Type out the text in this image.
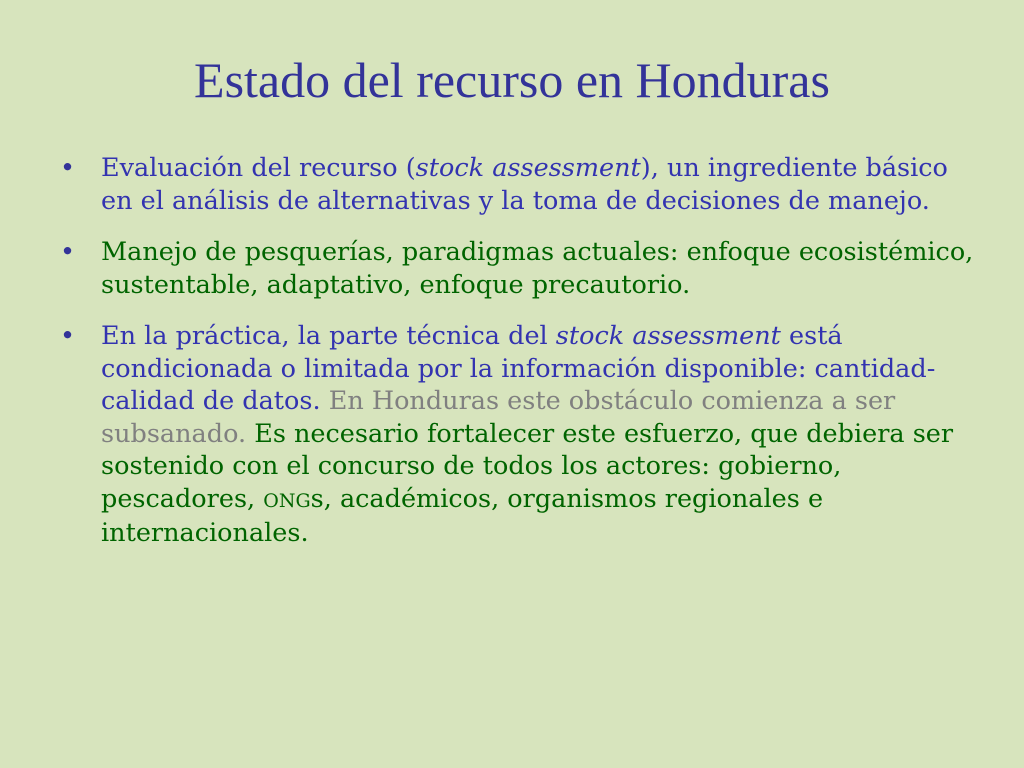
Estado del recurso en Honduras
• Evaluación del recurso (stock assessment), un ingrediente básico en el análisis de alternativas y la toma de decisiones de manejo.
• Manejo de pesquerías, paradigmas actuales: enfoque ecosistémico, sustentable, adaptativo, enfoque precautorio.
• En la práctica, la parte técnica del stock assessment está condicionada o limitada por la información disponible: cantidad-calidad de datos. En Honduras este obstáculo comienza a ser subsanado. Es necesario fortalecer este esfuerzo, que debiera ser sostenido con el concurso de todos los actores: gobierno, pescadores, ONGs, académicos, organismos regionales e internacionales.
